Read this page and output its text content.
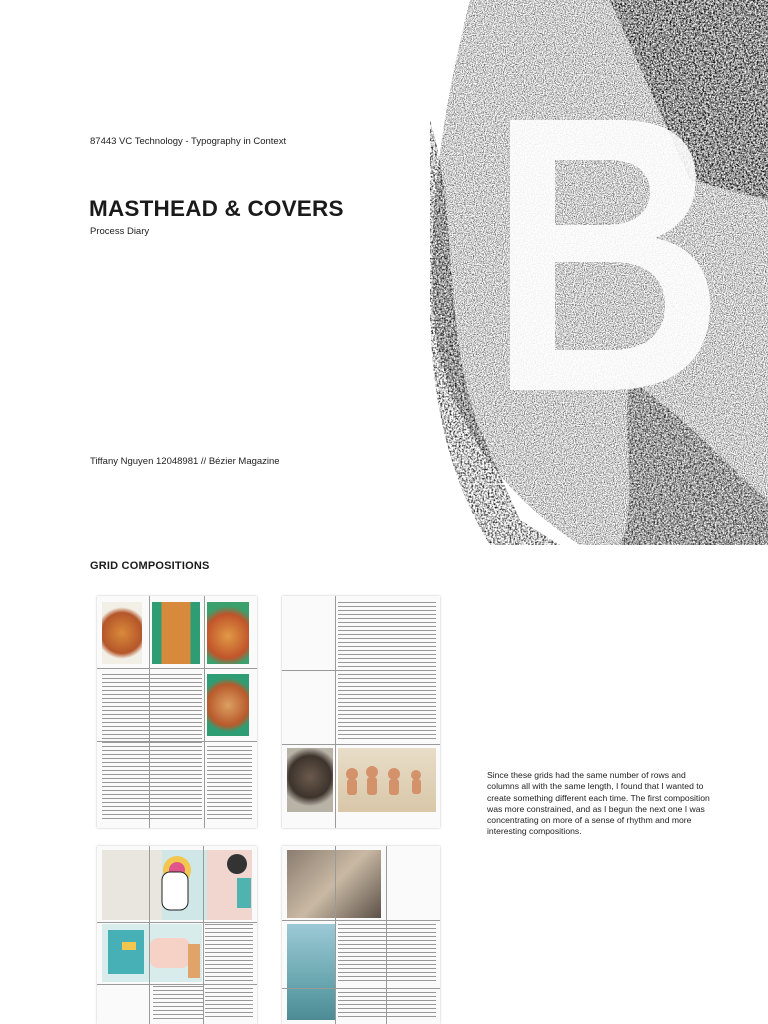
87443 VC Technology - Typography in Context
MASTHEAD & COVERS
Process Diary
Tiffany Nguyen 12048981 // Bézier Magazine
GRID COMPOSITIONS
Since these grids had the same number of rows and columns all with the same length, I found that I wanted to create something different each time. The first composition was more constrained, and as I begun the next one I was concentrating on more of a sense of rhythm and more interesting compositions.
